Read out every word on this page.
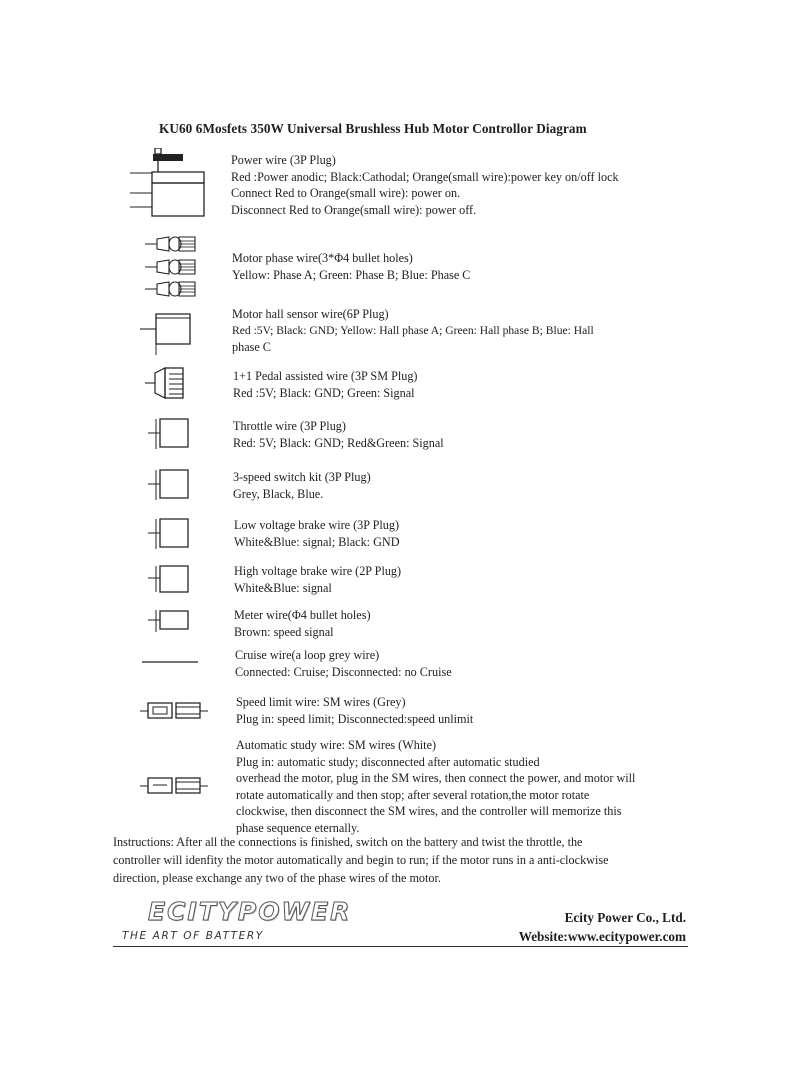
KU60 6Mosfets 350W Universal Brushless Hub Motor Controllor Diagram
Power wire (3P Plug)
Red :Power anodic; Black:Cathodal; Orange(small wire):power key on/off lock
Connect Red to Orange(small wire): power on.
Disconnect Red to Orange(small wire): power off.
Motor phase wire(3*Φ4 bullet holes)
Yellow: Phase A; Green: Phase B; Blue: Phase C
Motor hall sensor wire(6P Plug)
Red :5V; Black: GND; Yellow: Hall phase A; Green: Hall phase B; Blue: Hall
phase C
1+1 Pedal assisted wire (3P SM Plug)
Red :5V; Black: GND; Green: Signal
Throttle wire (3P Plug)
Red: 5V; Black: GND; Red&Green: Signal
3-speed switch kit (3P Plug)
Grey, Black, Blue.
Low voltage brake wire (3P Plug)
White&Blue: signal; Black: GND
High voltage brake wire (2P Plug)
White&Blue: signal
Meter wire(Φ4 bullet holes)
Brown: speed signal
Cruise wire(a loop grey wire)
Connected: Cruise; Disconnected: no Cruise
Speed limit wire: SM wires (Grey)
Plug in: speed limit; Disconnected:speed unlimit
Automatic study wire: SM wires (White)
Plug in: automatic study; disconnected after automatic studied
overhead the motor, plug in the SM wires, then connect the power, and motor will
rotate automatically and then stop; after several rotation,the motor rotate
clockwise, then disconnect the SM wires, and the controller will memorize this
phase sequence eternally.
Instructions: After all the connections is finished, switch on the battery and twist the throttle, the
controller will idenfity the motor automatically and begin to run; if the motor runs in a anti-clockwise
direction, please exchange any two of the phase wires of the motor.
ECITYPOWER
THE ART OF BATTERY
Ecity Power Co., Ltd.
Website:www.ecitypower.com
